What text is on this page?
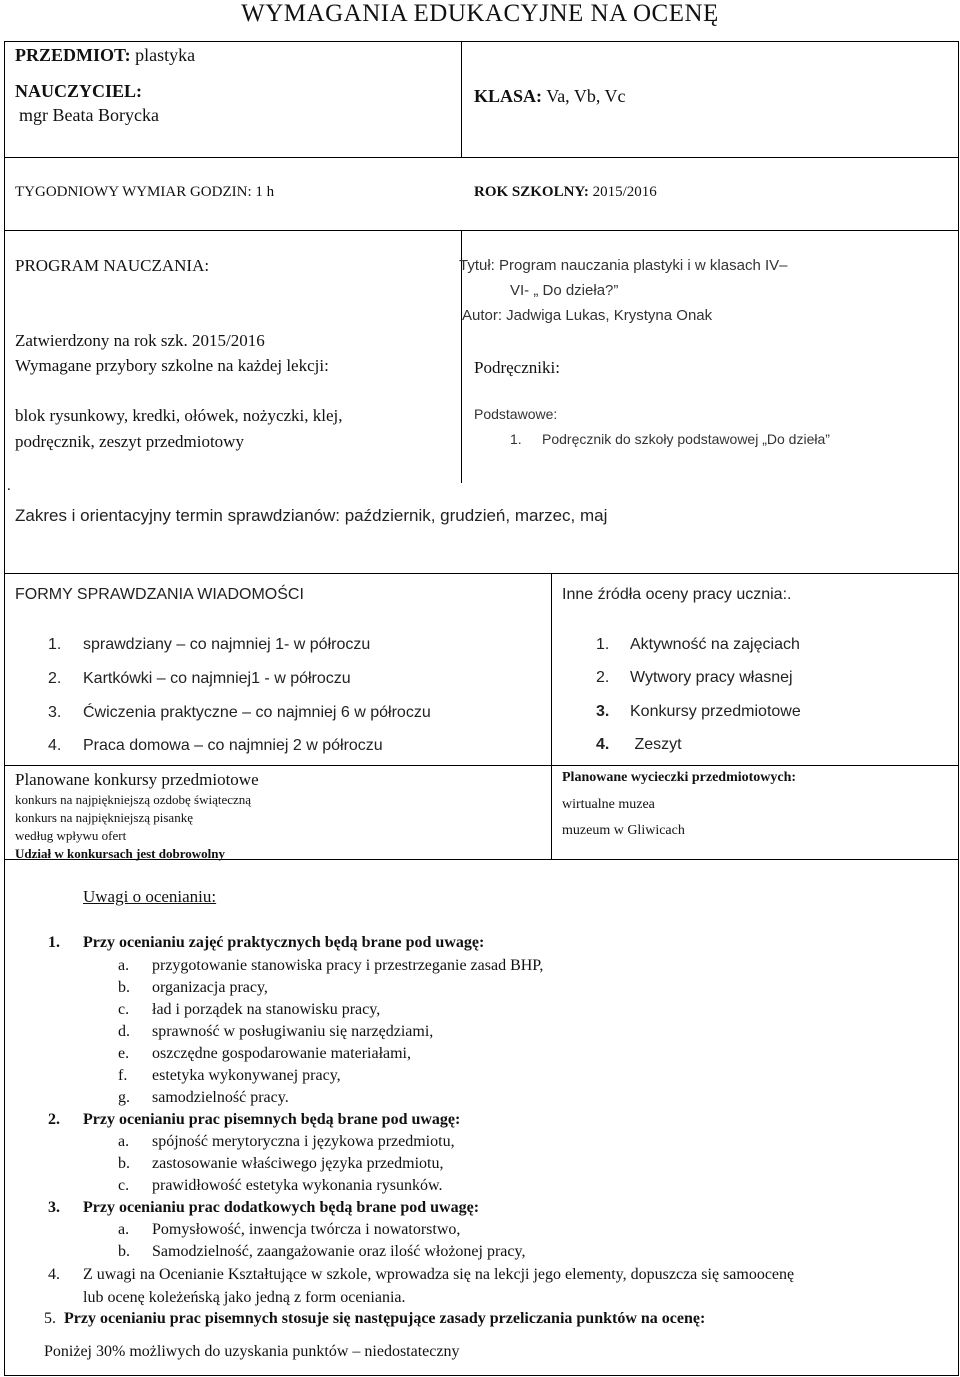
WYMAGANIA EDUKACYJNE NA OCENĘ
PRZEDMIOT: plastyka
NAUCZYCIEL:
mgr Beata Borycka
KLASA: Va, Vb, Vc
TYGODNIOWY WYMIAR GODZIN: 1 h	ROK SZKOLNY: 2015/2016
PROGRAM NAUCZANIA:	Tytuł: Program nauczania plastyki i w klasach IV–
VI- „ Do dzieła?”
Autor: Jadwiga Lukas, Krystyna Onak
Zatwierdzony na rok szk. 2015/2016
Wymagane przybory szkolne na każdej lekcji:	Podręczniki:
blok rysunkowy, kredki, ołówek, nożyczki, klej,
podręcznik, zeszyt przedmiotowy
Podstawowe:
1. Podręcznik do szkoły podstawowej „Do dzieła”
.
Zakres i orientacyjny termin sprawdzianów: październik, grudzień, marzec, maj
FORMY SPRAWDZANIA WIADOMOŚCI
1. sprawdziany – co najmniej 1- w półroczu
2. Kartkówki – co najmniej1 - w półroczu
3. Ćwiczenia praktyczne – co najmniej 6 w półroczu
4. Praca domowa – co najmniej 2 w półroczu
Inne źródła oceny pracy ucznia:.
1. Aktywność na zajęciach
2. Wytwory pracy własnej
3. Konkursy przedmiotowe
4. Zeszyt
Planowane konkursy przedmiotowe
konkurs na najpiękniejszą ozdobę świąteczną
konkurs na najpiękniejszą pisankę
według wpływu ofert
Udział w konkursach jest dobrowolny
Planowane wycieczki przedmiotowych:
wirtualne muzea
muzeum w Gliwicach
Uwagi o ocenianiu:
1. Przy ocenianiu zajęć praktycznych będą brane pod uwagę:
a. przygotowanie stanowiska pracy i przestrzeganie zasad BHP,
b. organizacja pracy,
c. ład i porządek na stanowisku pracy,
d. sprawność w posługiwaniu się narzędziami,
e. oszczędne gospodarowanie materiałami,
f. estetyka wykonywanej pracy,
g. samodzielność pracy.
2. Przy ocenianiu prac pisemnych będą brane pod uwagę:
a. spójność merytoryczna i językowa przedmiotu,
b. zastosowanie właściwego języka przedmiotu,
c. prawidłowość estetyka wykonania rysunków.
3. Przy ocenianiu prac dodatkowych będą brane pod uwagę:
a. Pomysłowość, inwencja twórcza i nowatorstwo,
b. Samodzielność, zaangażowanie oraz ilość włożonej pracy,
4. Z uwagi na Ocenianie Kształtujące w szkole, wprowadza się na lekcji jego elementy, dopuszcza się samoocenę
lub ocenę koleżeńską jako jedną z form oceniania.
5. Przy ocenianiu prac pisemnych stosuje się następujące zasady przeliczania punktów na ocenę:
Poniżej 30% możliwych do uzyskania punktów – niedostateczny
